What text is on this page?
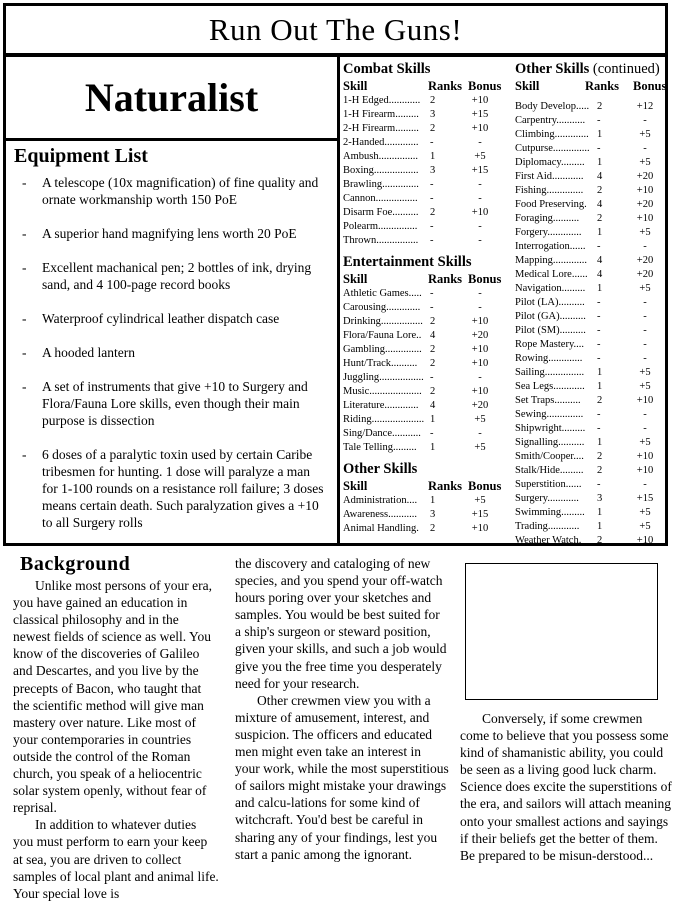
Run Out The Guns!
Naturalist
Equipment List
-	A telescope (10x magnification) of fine quality and ornate workmanship worth 150 PoE
-	A superior hand magnifying lens worth 20 PoE
-	Excellent machanical pen; 2 bottles of ink, drying sand, and 4 100-page record books
-	Waterproof cylindrical leather dispatch case
-	A hooded lantern
-	A set of instruments that give +10 to Surgery and Flora/Fauna Lore skills, even though their main purpose is dissection
-	6 doses of a paralytic toxin used by certain Caribe tribesmen for hunting. 1 dose will paralyze a man for 1-100 rounds on a resistance roll failure; 3 doses means certain death. Such paralyzation gives a +10 to all Surgery rolls
Combat Skills
Skill	Ranks Bonus
1-H Edged............ 2	+10
1-H Firearm.........	3	+15
2-H Firearm.........	2	+10
2-Handed.............	-	-
Ambush...............	1	+5
Boxing.................	3	+15
Brawling..............	-	-
Cannon................	-	-
Disarm Foe..........	2	+10
Polearm...............	-	-
Thrown................	-	-
Entertainment Skills
Skill	Ranks Bonus
Athletic Games..... -	-
Carousing............. -	-
Drinking................ 2	+10
Flora/Fauna Lore.. 4	+20
Gambling.............. 2	+10
Hunt/Track..........	2	+10
Juggling................. -	-
Music.................... 2	+10
Literature.............	4	+20
Riding.................... 1	+5
Sing/Dance........... -	-
Tale Telling.........	1	+5
Other Skills
Skill	Ranks Bonus
Administration....	1	+5
Awareness...........	3	+15
Animal Handling.	2	+10
Other Skills (continued)
Skill	Ranks	Bonus
Body Develop..... 2	+12
Carpentry...........	-	-
Climbing............. 1	+5
Cutpurse.............. -	-
Diplomacy.........	1	+5
First Aid............	4	+20
Fishing..............	2	+10
Food Preserving. 4	+20
Foraging..........	2	+10
Forgery.............	1	+5
Interrogation......	-	-
Mapping............. 4	+20
Medical Lore...... 4	+20
Navigation.........	1	+5
Pilot (LA)..........	-	-
Pilot (GA)..........	-	-
Pilot (SM)..........	-	-
Rope Mastery....	-	-
Rowing.............	-	-
Sailing...............	1	+5
Sea Legs............	1	+5
Set Traps..........	2	+10
Sewing..............	-	-
Shipwright.........	-	-
Signalling..........	1	+5
Smith/Cooper....	2	+10
Stalk/Hide.........	2	+10
Superstition......	-	-
Surgery............	3	+15
Swimming.........	1	+5
Trading............	1	+5
Weather Watch.	2	+10
Background

Unlike most persons of your era, you have gained an education in classical philosophy and in the newest fields of science as well. You know of the discoveries of Galileo and Descartes, and you live by the precepts of Bacon, who taught that the scientific method will give man mastery over nature. Like most of your contemporaries in countries outside the control of the Roman church, you speak of a heliocentric solar system openly, without fear of reprisal.

In addition to whatever duties you must perform to earn your keep at sea, you are driven to collect samples of local plant and animal life. Your special love is

the discovery and cataloging of new species, and you spend your off-watch hours poring over your sketches and samples. You would be best suited for a ship's surgeon or steward position, given your skills, and such a job would give you the free time you desperately need for your research.

Other crewmen view you with a mixture of amusement, interest, and suspicion. The officers and educated men might even take an interest in your work, while the most superstitious of sailors might mistake your drawings and calcu-lations for some kind of witchcraft. You'd best be careful in sharing any of your findings, lest you start a panic among the ignorant.

Conversely, if some crewmen come to believe that you possess some kind of shamanistic ability, you could be seen as a living good luck charm. Science does excite the superstitions of the era, and sailors will attach meaning onto your smallest actions and sayings if their beliefs get the better of them. Be prepared to be misun-derstood...
